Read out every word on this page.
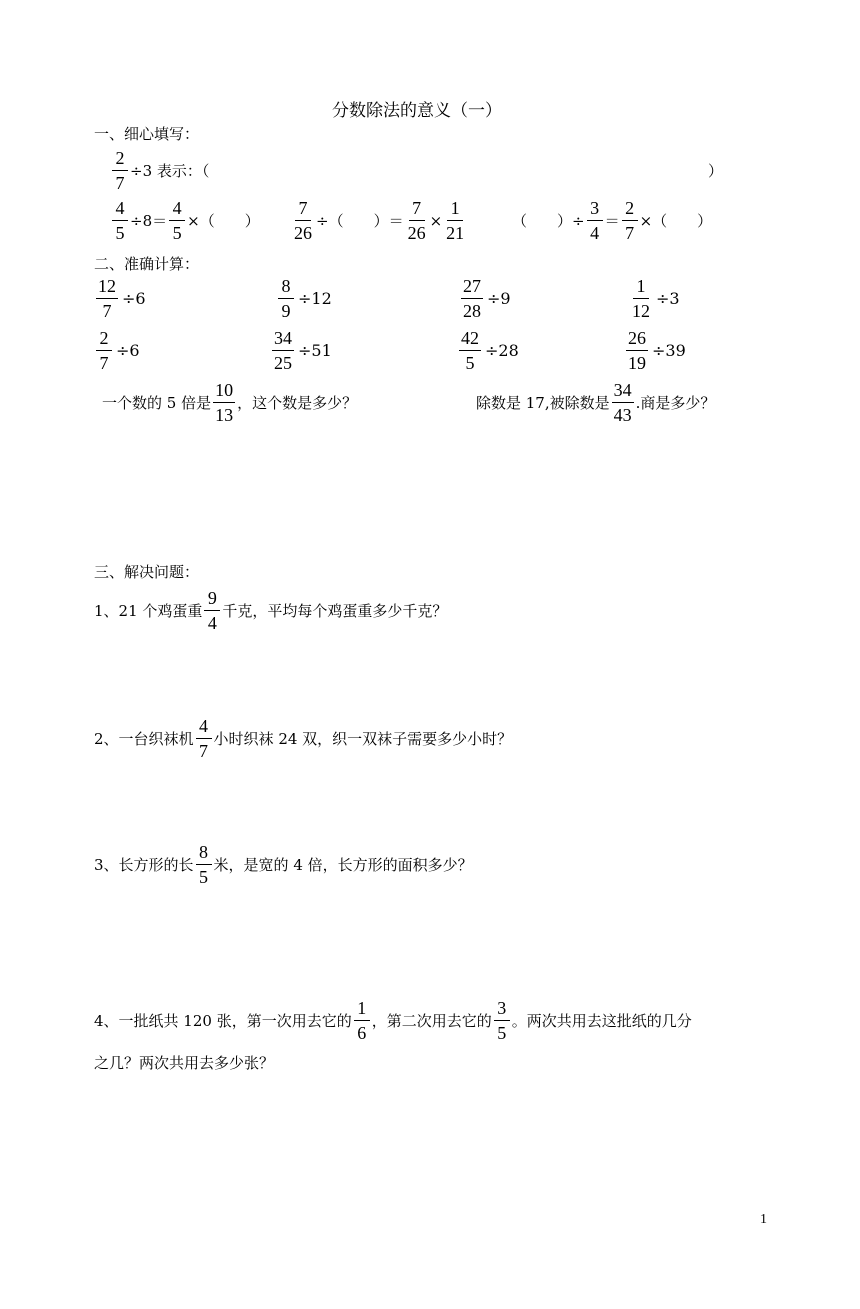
分数除法的意义（一）
一、细心填写：
$\frac{2}{7} \div 3$ 表示：（	）
$\frac{4}{5} \div 8= \frac{4}{5}$ ×（　　） $\frac{7}{26}$ ÷（　　）＝ $\frac{7}{26} \times \frac{1}{21}$	（　　）÷ $\frac{3}{4} = \frac{2}{7}$ ×（　　）
二、准确计算：
$\frac{12}{7} \div 6$	$\frac{8}{9} \div 12$	$\frac{27}{28} \div 9$	$\frac{1}{12} \div 3$
$\frac{2}{7} \div 6$	$\frac{34}{25} \div 51$	$\frac{42}{5} \div 28$	$\frac{26}{19} \div 39$
一个数的 5 倍是 $\frac{10}{13}$ ，这个数是多少？	除数是 17,被除数是 $\frac{34}{43}$ .商是多少？
三、解决问题：
1、21 个鸡蛋重 $\frac{9}{4}$ 千克，平均每个鸡蛋重多少千克？
2、一台织袜机 $\frac{4}{7}$ 小时织袜 24 双，织一双袜子需要多少小时？
3、长方形的长 $\frac{8}{5}$ 米，是宽的 4 倍，长方形的面积多少？
4、一批纸共 120 张，第一次用去它的 $\frac{1}{6}$ ，第二次用去它的 $\frac{3}{5}$ 。两次共用去这批纸的几分
之几？两次共用去多少张？
1
